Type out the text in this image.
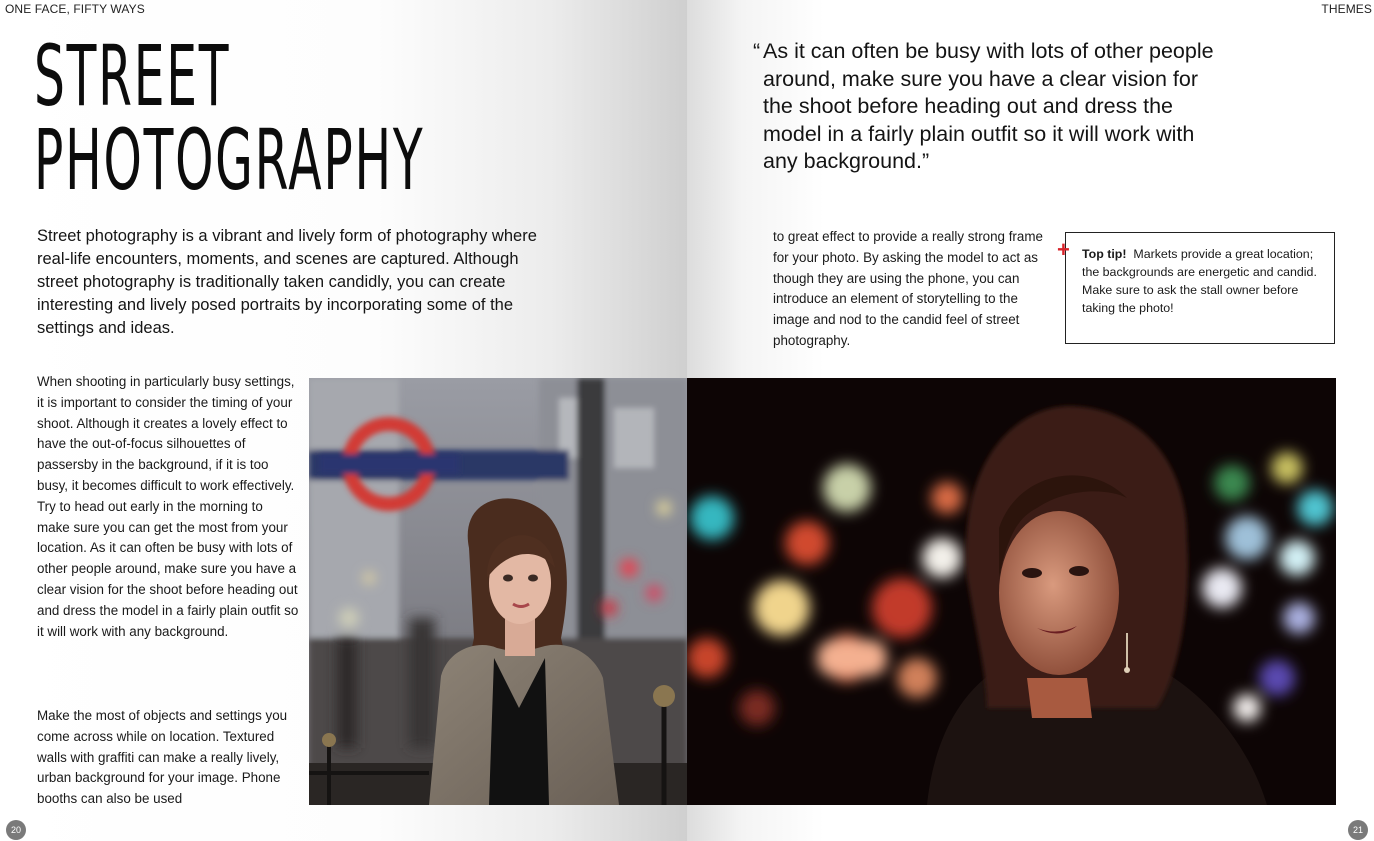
ONE FACE, FIFTY WAYS
STREET
PHOTOGRAPHY

Street photography is a vibrant and lively form of photography where real-life encounters, moments, and scenes are captured. Although street photography is traditionally taken candidly, you can create interesting and lively posed portraits by incorporating some of the settings and ideas.

When shooting in particularly busy settings, it is important to consider the timing of your shoot. Although it creates a lovely effect to have the out-of-focus silhouettes of passersby in the background, if it is too busy, it becomes difficult to work effectively. Try to head out early in the morning to make sure you can get the most from your location. As it can often be busy with lots of other people around, make sure you have a clear vision for the shoot before heading out and dress the model in a fairly plain outfit so it will work with any background.

Make the most of objects and settings you come across while on location. Textured walls with graffiti can make a really lively, urban background for your image. Phone booths can also be used

20
THEMES

“ As it can often be busy with lots of other people around, make sure you have a clear vision for the shoot before heading out and dress the model in a fairly plain outfit so it will work with any background.”

to great effect to provide a really strong frame for your photo. By asking the model to act as though they are using the phone, you can introduce an element of storytelling to the image and nod to the candid feel of street photography.

+ Top tip! Markets provide a great location; the backgrounds are energetic and candid. Make sure to ask the stall owner before taking the photo!

21
